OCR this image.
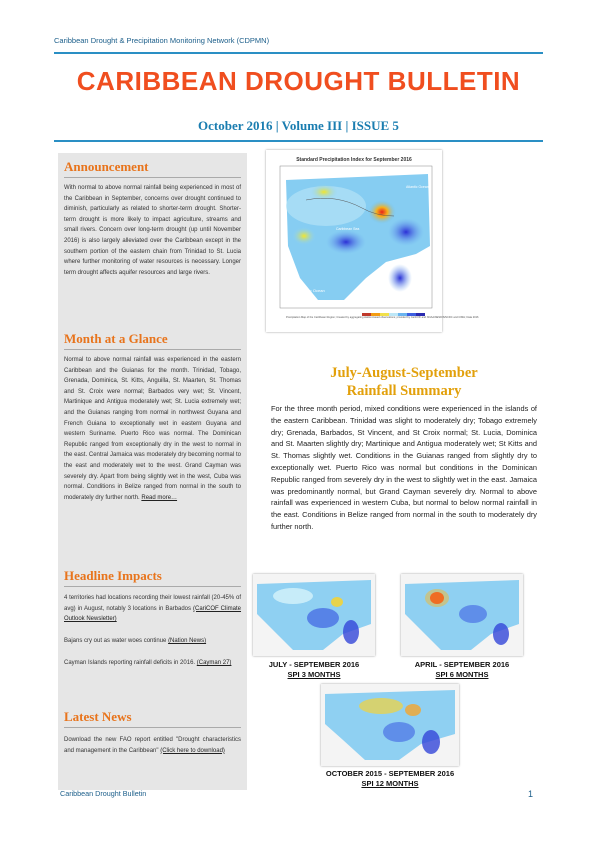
Caribbean Drought & Precipitation Monitoring Network (CDPMN)
CARIBBEAN DROUGHT BULLETIN
October 2016 | Volume III | ISSUE 5
Announcement
With normal to above normal rainfall being experienced in most of the Caribbean in September, concerns over drought continued to diminish, particularly as related to shorter-term drought. Shorter-term drought is more likely to impact agriculture, streams and small rivers. Concern over long-term drought (up until November 2016) is also largely alleviated over the Caribbean except in the southern portion of the eastern chain from Trinidad to St. Lucia where further monitoring of water resources is necessary. Longer term drought affects aquifer resources and large rivers.
Month at a Glance
Normal to above normal rainfall was experienced in the eastern Caribbean and the Guianas for the month. Trinidad, Tobago, Grenada, Dominica, St. Kitts, Anguilla, St. Maarten, St. Thomas and St. Croix were normal; Barbados very wet; St. Vincent, Martinique and Antigua moderately wet; St. Lucia extremely wet; and the Guianas ranging from normal in northwest Guyana and French Guiana to exceptionally wet in eastern Guyana and western Suriname. Puerto Rico was normal. The Dominican Republic ranged from exceptionally dry in the west to normal in the east. Central Jamaica was moderately dry becoming normal to the east and moderately wet to the west. Grand Cayman was severely dry. Apart from being slightly wet in the west, Cuba was normal. Conditions in Belize ranged from normal in the south to moderately dry further north. Read more…
Headline Impacts
4 territories had locations recording their lowest rainfall (20-45% of avg) in August, notably 3 locations in Barbados (CariCOF Climate Outlook Newsletter)
Bajans cry out as water woes continue (Nation News)
Cayman Islands reporting rainfall deficits in 2016. (Cayman 27)
Latest News
Download the new FAO report entitled "Drought characteristics and management in the Caribbean" (Click here to download)
Standard Precipitation Index for September 2016
Atlantic Ocean
Caribbean Sea
Pacific Ocean
Precipitation Map of the Caribbean Region; Created by aggregating station-based observations; provided by CariCOF and NOAA/NESDIS/NCDC and CIMH; Data 2016
July-August-September
Rainfall Summary
For the three month period, mixed conditions were experienced in the islands of the eastern Caribbean. Trinidad was slight to moderately dry; Tobago extremely dry; Grenada, Barbados, St Vincent, and St Croix normal; St. Lucia, Dominica and St. Maarten slightly dry; Martinique and Antigua moderately wet; St Kitts and St. Thomas slightly wet. Conditions in the Guianas ranged from slightly dry to exceptionally wet. Puerto Rico was normal but conditions in the Dominican Republic ranged from severely dry in the west to slightly wet in the east. Jamaica was predominantly normal, but Grand Cayman severely dry. Normal to above rainfall was experienced in western Cuba, but normal to below normal rainfall in the east. Conditions in Belize ranged from normal in the south to moderately dry further north.
JULY - SEPTEMBER 2016
SPI 3 MONTHS
APRIL - SEPTEMBER 2016
SPI 6 MONTHS
OCTOBER 2015 - SEPTEMBER 2016
SPI 12 MONTHS
Caribbean Drought Bulletin	1
